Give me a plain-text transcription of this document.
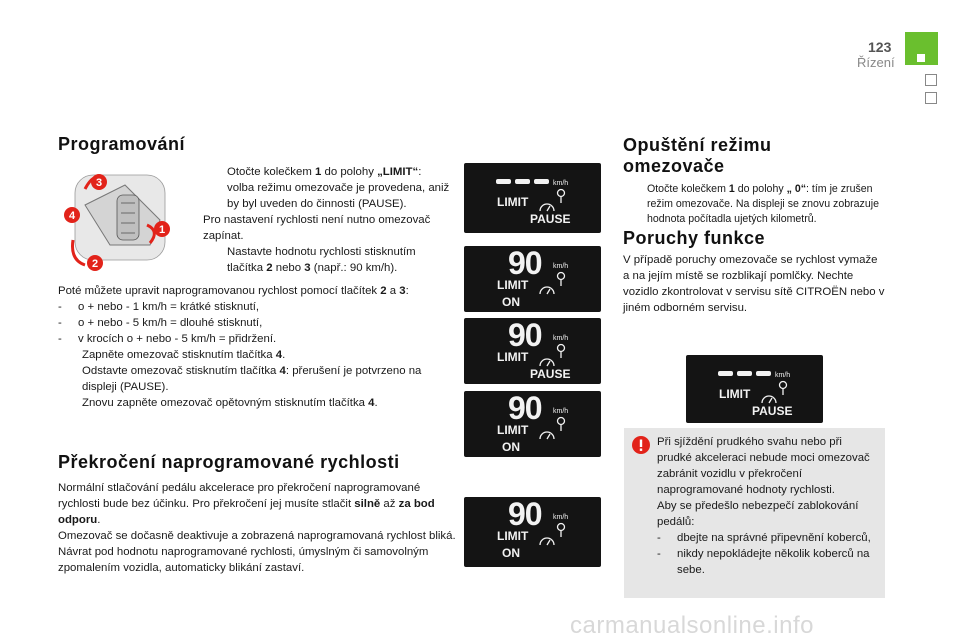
123
Řízení
Programování
3
4
1
2
Otočte kolečkem 1 do polohy „LIMIT“: volba režimu omezovače je provedena, aniž by byl uveden do činnosti (PAUSE).

Pro nastavení rychlosti není nutno omezovač zapínat.

Nastavte hodnotu rychlosti stisknutím tlačítka 2 nebo 3 (např.: 90 km/h).

Poté můžete upravit naprogramovanou rychlost pomocí tlačítek 2 a 3:

- o + nebo - 1 km/h = krátké stisknutí,
- o + nebo - 5 km/h = dlouhé stisknutí,
- v krocích o + nebo - 5 km/h = přidržení.
Zapněte omezovač stisknutím tlačítka 4.
Odstavte omezovač stisknutím tlačítka 4: přerušení je potvrzeno na displeji (PAUSE).
Znovu zapněte omezovač opětovným stisknutím tlačítka 4.
Překročení naprogramované rychlosti

Normální stlačování pedálu akcelerace pro překročení naprogramované rychlosti bude bez účinku. Pro překročení jej musíte stlačit silně až za bod odporu.

Omezovač se dočasně deaktivuje a zobrazená naprogramovaná rychlost bliká.

Návrat pod hodnotu naprogramované rychlosti, úmyslným či samovolným zpomalením vozidla, automaticky blikání zastaví.

km/h
LIMIT
PAUSE
90 km/h
LIMIT
ON
90 km/h
LIMIT
PAUSE
90 km/h
LIMIT
ON
90 km/h
LIMIT
ON
km/h
LIMIT
PAUSE
Opuštění režimu
omezovače
Otočte kolečkem 1 do polohy „ 0“: tím je zrušen režim omezovače. Na displeji se znovu zobrazuje hodnota počítadla ujetých kilometrů.
Poruchy funkce

V případě poruchy omezovače se rychlost vymaže a na jejím místě se rozblikají pomlčky. Nechte vozidlo zkontrolovat v servisu sítě CITROËN nebo v jiném odborném servisu.

Při sjíždění prudkého svahu nebo při prudké akceleraci nebude moci omezovač zabránit vozidlu v překročení naprogramované hodnoty rychlosti.

Aby se předešlo nebezpečí zablokování pedálů:

- dbejte na správné připevnění koberců,
- nikdy nepokládejte několik koberců na sebe.
carmanualsonline.info
